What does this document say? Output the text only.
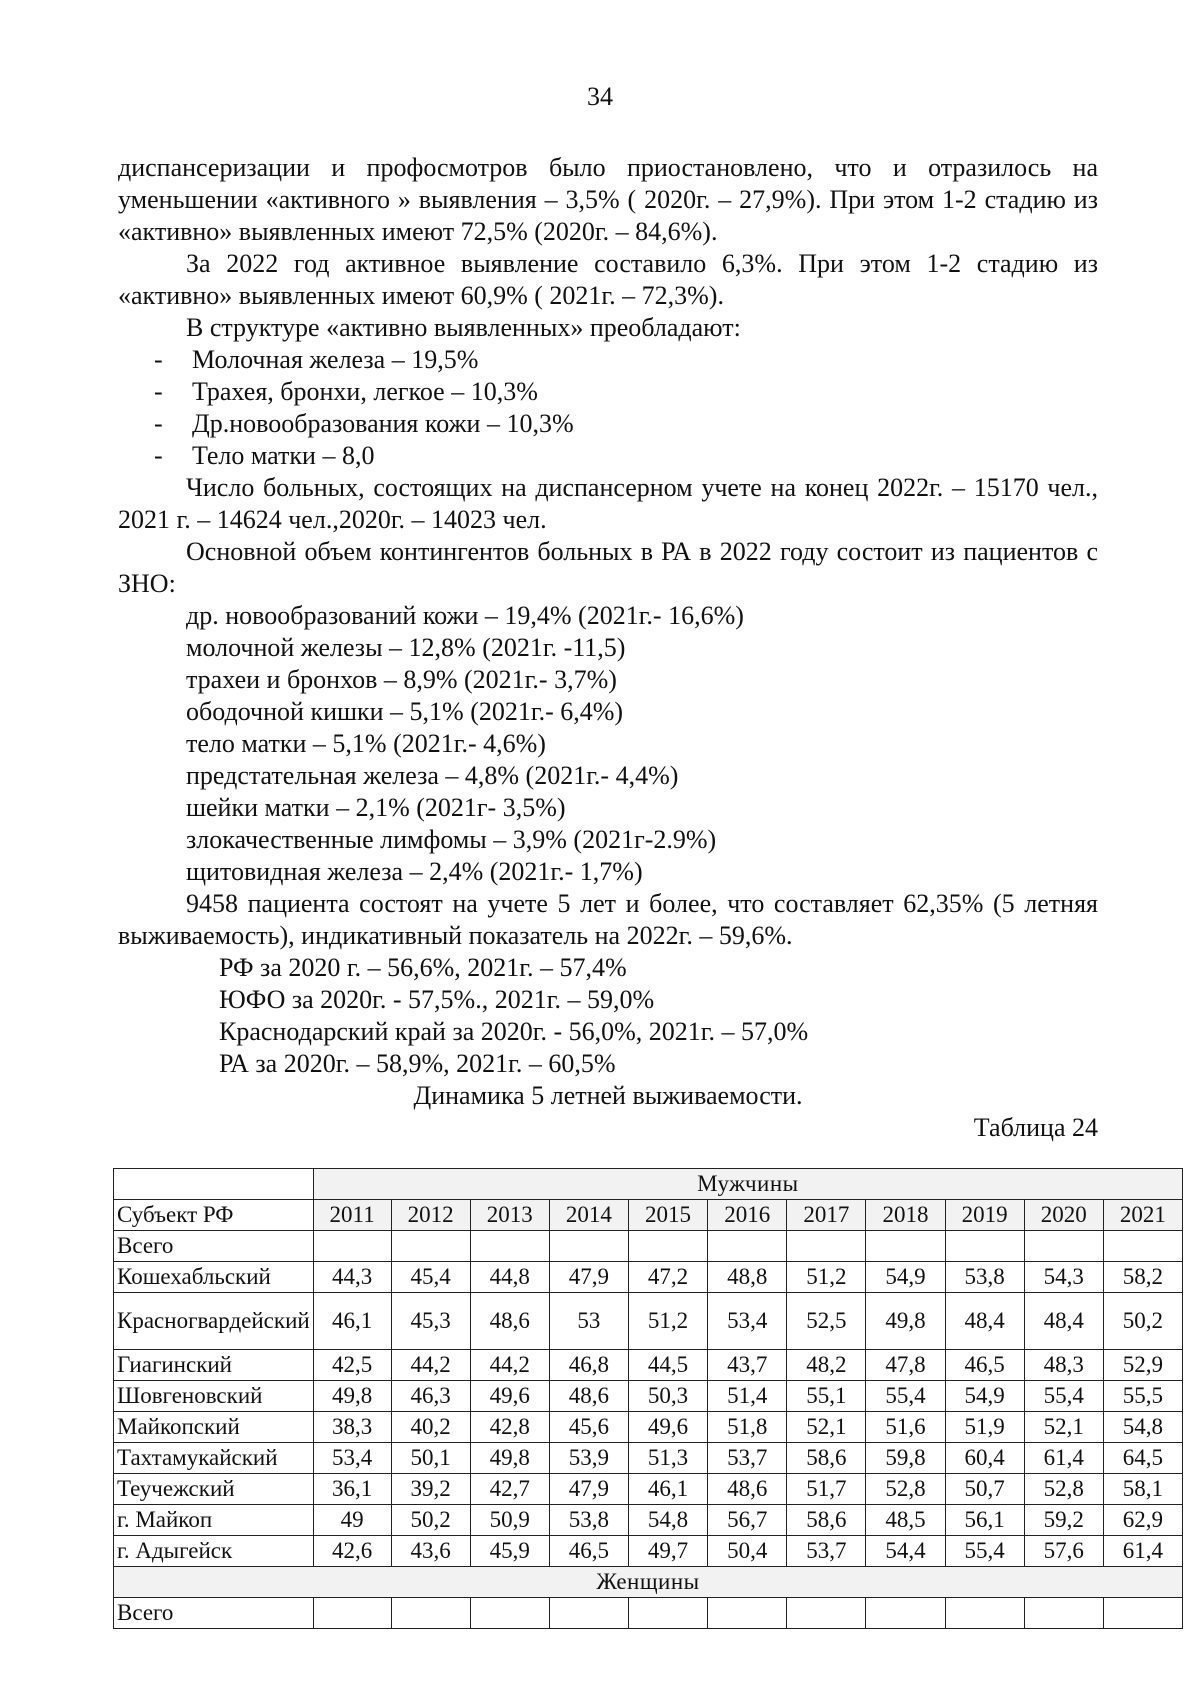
34

диспансеризации и профосмотров было приостановлено, что и отразилось на уменьшении «активного » выявления – 3,5% ( 2020г. – 27,9%). При этом 1-2 стадию из «активно» выявленных имеют 72,5% (2020г. – 84,6%).

За 2022 год активное выявление составило 6,3%. При этом 1-2 стадию из «активно» выявленных имеют 60,9% ( 2021г. – 72,3%).

В структуре «активно выявленных» преобладают:

- Молочная железа – 19,5%
- Трахея, бронхи, легкое – 10,3%
- Др.новообразования кожи – 10,3%
- Тело матки – 8,0

Число больных, состоящих на диспансерном учете на конец 2022г. – 15170 чел., 2021 г. – 14624 чел.,2020г. – 14023 чел.

Основной объем контингентов больных в РА в 2022 году состоит из пациентов с ЗНО:

др. новообразований кожи – 19,4% (2021г.- 16,6%)
молочной железы – 12,8% (2021г. -11,5)
трахеи и бронхов – 8,9% (2021г.- 3,7%)
ободочной кишки – 5,1% (2021г.- 6,4%)
тело матки – 5,1% (2021г.- 4,6%)
предстательная железа – 4,8% (2021г.- 4,4%)
шейки матки – 2,1% (2021г- 3,5%)
злокачественные лимфомы – 3,9% (2021г-2.9%)
щитовидная железа – 2,4% (2021г.- 1,7%)

9458 пациента состоят на учете 5 лет и более, что составляет 62,35% (5 летняя выживаемость), индикативный показатель на 2022г. – 59,6%.

РФ за 2020 г. – 56,6%, 2021г. – 57,4%
ЮФО за 2020г. - 57,5%., 2021г. – 59,0%
Краснодарский край за 2020г. - 56,0%, 2021г. – 57,0%
РА за 2020г. – 58,9%, 2021г. – 60,5%

Динамика 5 летней выживаемости.

Таблица 24

	Мужчины										
Субъект РФ	2011	2012	2013	2014	2015	2016	2017	2018	2019	2020	2021
Всего											
Кошехабльский	44,3	45,4	44,8	47,9	47,2	48,8	51,2	54,9	53,8	54,3	58,2
Красногвардейский	46,1	45,3	48,6	53	51,2	53,4	52,5	49,8	48,4	48,4	50,2
Гиагинский	42,5	44,2	44,2	46,8	44,5	43,7	48,2	47,8	46,5	48,3	52,9
Шовгеновский	49,8	46,3	49,6	48,6	50,3	51,4	55,1	55,4	54,9	55,4	55,5
Майкопский	38,3	40,2	42,8	45,6	49,6	51,8	52,1	51,6	51,9	52,1	54,8
Тахтамукайский	53,4	50,1	49,8	53,9	51,3	53,7	58,6	59,8	60,4	61,4	64,5
Теучежский	36,1	39,2	42,7	47,9	46,1	48,6	51,7	52,8	50,7	52,8	58,1
г. Майкоп	49	50,2	50,9	53,8	54,8	56,7	58,6	48,5	56,1	59,2	62,9
г. Адыгейск	42,6	43,6	45,9	46,5	49,7	50,4	53,7	54,4	55,4	57,6	61,4
Женщины											
Всего											
